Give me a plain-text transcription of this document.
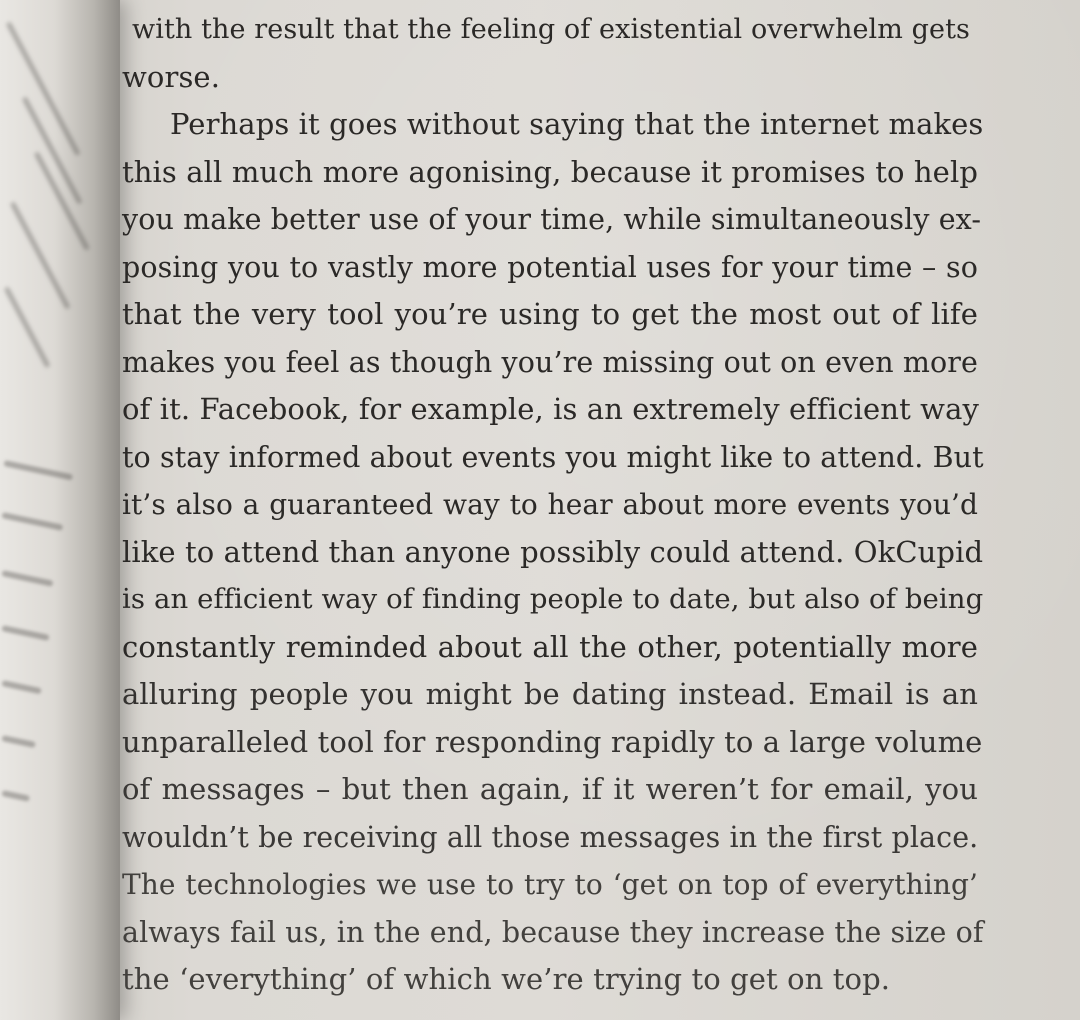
with the result that the feeling of existential overwhelm gets
worse.
Perhaps it goes without saying that the internet makes
this all much more agonising, because it promises to help
you make better use of your time, while simultaneously ex-
posing you to vastly more potential uses for your time – so
that the very tool you’re using to get the most out of life
makes you feel as though you’re missing out on even more
of it. Facebook, for example, is an extremely efficient way
to stay informed about events you might like to attend. But
it’s also a guaranteed way to hear about more events you’d
like to attend than anyone possibly could attend. OkCupid
is an efficient way of finding people to date, but also of being
constantly reminded about all the other, potentially more
alluring people you might be dating instead. Email is an
unparalleled tool for responding rapidly to a large volume
of messages – but then again, if it weren’t for email, you
wouldn’t be receiving all those messages in the first place.
The technologies we use to try to ‘get on top of everything’
always fail us, in the end, because they increase the size of
the ‘everything’ of which we’re trying to get on top.
